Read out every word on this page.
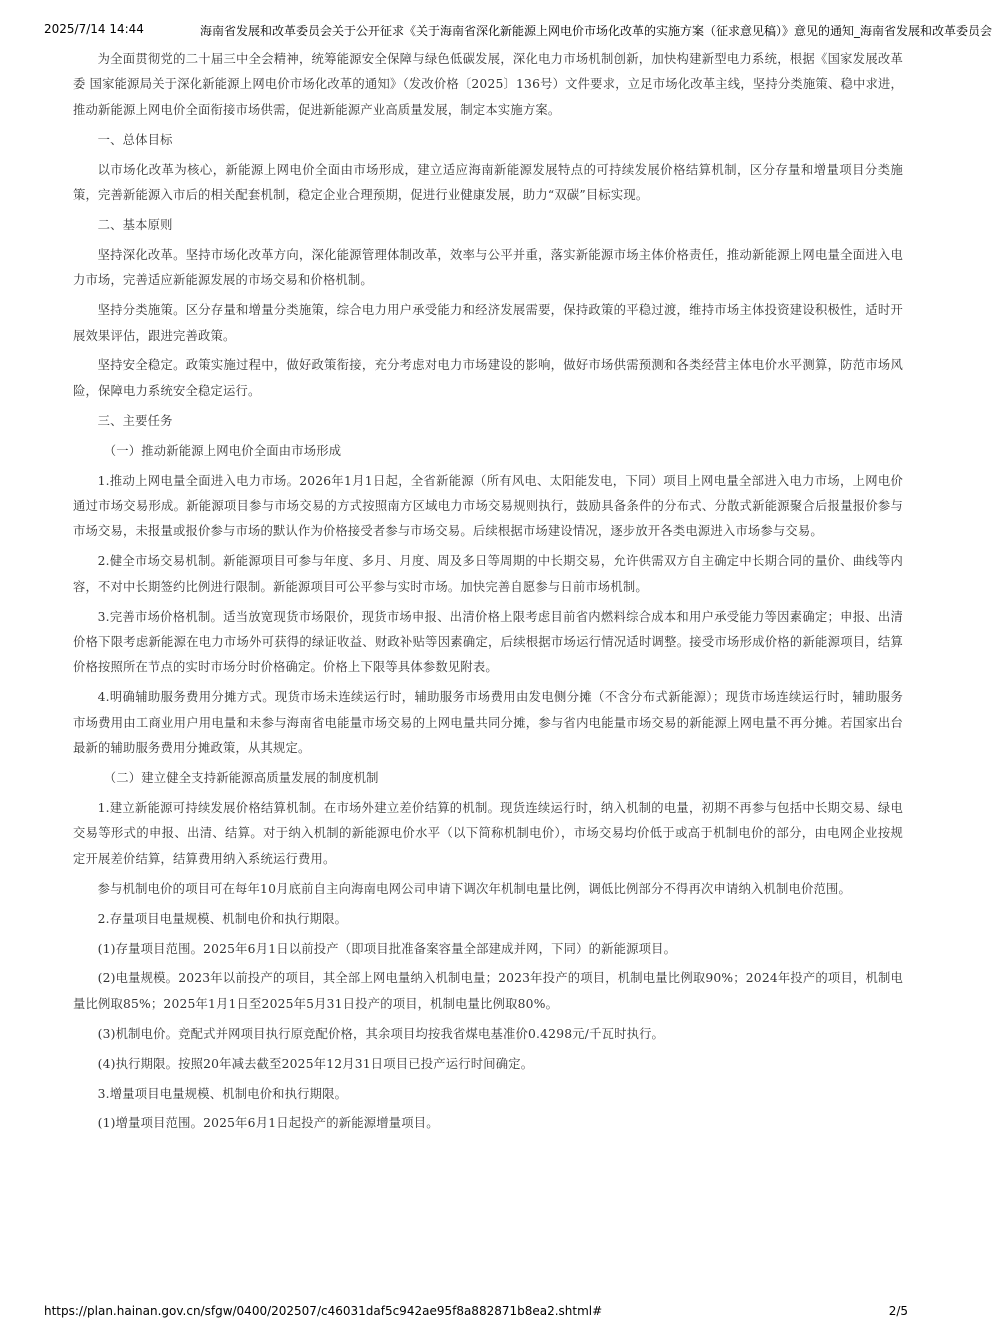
2025/7/14 14:44	海南省发展和改革委员会关于公开征求《关于海南省深化新能源上网电价市场化改革的实施方案（征求意见稿）》意见的通知_海南省发展和改革委员会

为全面贯彻党的二十届三中全会精神，统筹能源安全保障与绿色低碳发展，深化电力市场机制创新，加快构建新型电力系统，根据《国家发展改革委 国家能源局关于深化新能源上网电价市场化改革的通知》（发改价格〔2025〕136号）文件要求，立足市场化改革主线，坚持分类施策、稳中求进，推动新能源上网电价全面衔接市场供需，促进新能源产业高质量发展，制定本实施方案。

一、总体目标

以市场化改革为核心，新能源上网电价全面由市场形成，建立适应海南新能源发展特点的可持续发展价格结算机制，区分存量和增量项目分类施策，完善新能源入市后的相关配套机制，稳定企业合理预期，促进行业健康发展，助力“双碳”目标实现。

二、基本原则

坚持深化改革。坚持市场化改革方向，深化能源管理体制改革，效率与公平并重，落实新能源市场主体价格责任，推动新能源上网电量全面进入电力市场，完善适应新能源发展的市场交易和价格机制。

坚持分类施策。区分存量和增量分类施策，综合电力用户承受能力和经济发展需要，保持政策的平稳过渡，维持市场主体投资建设积极性，适时开展效果评估，跟进完善政策。

坚持安全稳定。政策实施过程中，做好政策衔接，充分考虑对电力市场建设的影响，做好市场供需预测和各类经营主体电价水平测算，防范市场风险，保障电力系统安全稳定运行。

三、主要任务

（一）推动新能源上网电价全面由市场形成

1.推动上网电量全面进入电力市场。2026年1月1日起，全省新能源（所有风电、太阳能发电，下同）项目上网电量全部进入电力市场，上网电价通过市场交易形成。新能源项目参与市场交易的方式按照南方区域电力市场交易规则执行，鼓励具备条件的分布式、分散式新能源聚合后报量报价参与市场交易，未报量或报价参与市场的默认作为价格接受者参与市场交易。后续根据市场建设情况，逐步放开各类电源进入市场参与交易。

2.健全市场交易机制。新能源项目可参与年度、多月、月度、周及多日等周期的中长期交易，允许供需双方自主确定中长期合同的量价、曲线等内容，不对中长期签约比例进行限制。新能源项目可公平参与实时市场。加快完善自愿参与日前市场机制。

3.完善市场价格机制。适当放宽现货市场限价，现货市场申报、出清价格上限考虑目前省内燃料综合成本和用户承受能力等因素确定；申报、出清价格下限考虑新能源在电力市场外可获得的绿证收益、财政补贴等因素确定，后续根据市场运行情况适时调整。接受市场形成价格的新能源项目，结算价格按照所在节点的实时市场分时价格确定。价格上下限等具体参数见附表。

4.明确辅助服务费用分摊方式。现货市场未连续运行时，辅助服务市场费用由发电侧分摊（不含分布式新能源）；现货市场连续运行时，辅助服务市场费用由工商业用户用电量和未参与海南省电能量市场交易的上网电量共同分摊，参与省内电能量市场交易的新能源上网电量不再分摊。若国家出台最新的辅助服务费用分摊政策，从其规定。

（二）建立健全支持新能源高质量发展的制度机制

1.建立新能源可持续发展价格结算机制。在市场外建立差价结算的机制。现货连续运行时，纳入机制的电量，初期不再参与包括中长期交易、绿电交易等形式的申报、出清、结算。对于纳入机制的新能源电价水平（以下简称机制电价），市场交易均价低于或高于机制电价的部分，由电网企业按规定开展差价结算，结算费用纳入系统运行费用。

参与机制电价的项目可在每年10月底前自主向海南电网公司申请下调次年机制电量比例，调低比例部分不得再次申请纳入机制电价范围。

2.存量项目电量规模、机制电价和执行期限。

(1)存量项目范围。2025年6月1日以前投产（即项目批准备案容量全部建成并网，下同）的新能源项目。

(2)电量规模。2023年以前投产的项目，其全部上网电量纳入机制电量；2023年投产的项目，机制电量比例取90%；2024年投产的项目，机制电量比例取85%；2025年1月1日至2025年5月31日投产的项目，机制电量比例取80%。

(3)机制电价。竞配式并网项目执行原竞配价格，其余项目均按我省煤电基准价0.4298元/千瓦时执行。

(4)执行期限。按照20年减去截至2025年12月31日项目已投产运行时间确定。

3.增量项目电量规模、机制电价和执行期限。

(1)增量项目范围。2025年6月1日起投产的新能源增量项目。

https://plan.hainan.gov.cn/sfgw/0400/202507/c46031daf5c942ae95f8a882871b8ea2.shtml#	2/5
